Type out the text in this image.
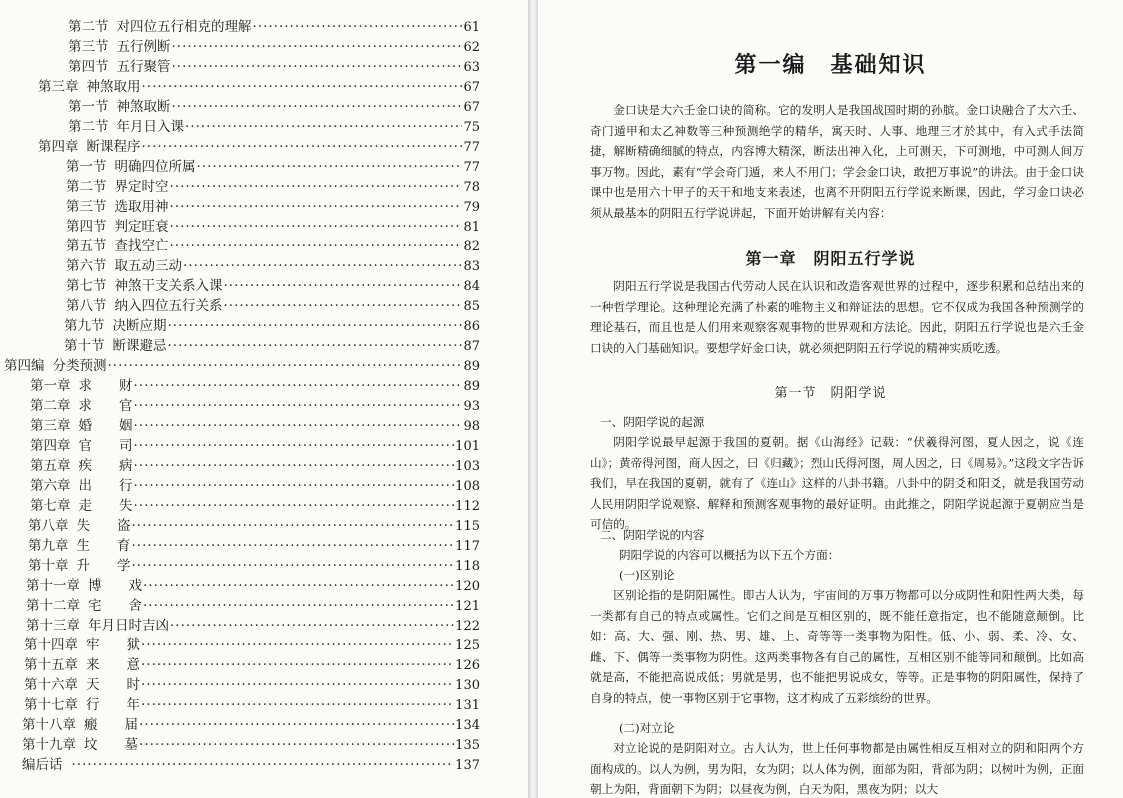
第二节 对四位五行相克的理解 ·····	61
第三节 五行例断 ·····	62
第四节 五行聚管 ·····	63
第三章 神煞取用 ·····	67
第一节 神煞取断 ·····	67
第二节 年月日入课 ·····	75
第四章 断课程序 ·····	77
第一节 明确四位所属 ·····	77
第二节 界定时空 ·····	78
第三节 选取用神 ·····	79
第四节 判定旺衰 ·····	81
第五节 查找空亡 ·····	82
第六节 取五动三动 ·····	83
第七节 神煞干支关系入课 ·····	84
第八节 纳入四位五行关系 ·····	85
第九节 决断应期 ·····	86
第十节 断课避忌 ·····	87
第四编 分类预测 ·····	89
第一章 求　　财 ·····	89
第二章 求　　官 ·····	93
第三章 婚　　姻 ·····	98
第四章 官　　司 ·····	101
第五章 疾　　病 ·····	103
第六章 出　　行 ·····	108
第七章 走　　失 ·····	112
第八章 失　　盗 ·····	115
第九章 生　　育 ·····	117
第十章 升　　学 ·····	118
第十一章 博　　戏 ·····	120
第十二章 宅　　舍 ·····	121
第十三章 年月日时吉凶 ·····	122
第十四章 牢　　狱 ·····	125
第十五章 来　　意 ·····	126
第十六章 天　　时 ·····	130
第十七章 行　　年 ·····	131
第十八章 瘢　　届 ·····	134
第十九章 坟　　墓 ·····	135
编后话 ·····	137
第一编　基础知识

金口诀是大六壬金口诀的简称。它的发明人是我国战国时期的孙膑。金口诀融合了大六壬、奇门遁甲和太乙神数等三种预测绝学的精华，寓天时、人事、地理三才於其中，有入式手法简捷，解断精确细腻的特点，内容博大精深，断法出神入化，上可测天，下可测地，中可测人间万事万物。因此，素有“学会奇门遁，来人不用门；学会金口诀，敢把万事说”的讲法。由于金口诀课中也是用六十甲子的天干和地支来表述，也离不开阴阳五行学说来断课，因此，学习金口诀必须从最基本的阴阳五行学说讲起，下面开始讲解有关内容：

第一章　阴阳五行学说

阴阳五行学说是我国古代劳动人民在认识和改造客观世界的过程中，逐步积累和总结出来的一种哲学理论。这种理论充满了朴素的唯物主义和辩证法的思想。它不仅成为我国各种预测学的理论基石，而且也是人们用来观察客观事物的世界观和方法论。因此，阴阳五行学说也是六壬金口诀的入门基础知识。要想学好金口诀，就必须把阴阳五行学说的精神实质吃透。

第一节　阴阳学说

一、阴阳学说的起源

阴阳学说最早起源于我国的夏朝。据《山海经》记载：“伏羲得河图，夏人因之，说《连山》；黄帝得河图，商人因之，曰《归藏》；烈山氏得河图，周人因之，曰《周易》。”这段文字告诉我们，早在我国的夏朝，就有了《连山》这样的八卦书籍。八卦中的阴爻和阳爻，就是我国劳动人民用阴阳学说观察、解释和预测客观事物的最好证明。由此推之，阴阳学说起源于夏朝应当是可信的。

二、阴阳学说的内容

阴阳学说的内容可以概括为以下五个方面：

(一)区别论

区别论指的是阴阳属性。即古人认为，宇宙间的万事万物都可以分成阴性和阳性两大类，每一类都有自己的特点或属性。它们之间是互相区别的，既不能任意指定，也不能随意颠倒。比如：高、大、强、刚、热、男、雄、上、奇等等一类事物为阳性。低、小、弱、柔、冷、女、雌、下、偶等一类事物为阴性。这两类事物各有自己的属性，互相区别不能等同和颠倒。比如高就是高，不能把高说成低；男就是男，也不能把男说成女，等等。正是事物的阴阳属性，保持了自身的特点，使一事物区别于它事物，这才构成了五彩缤纷的世界。

(二)对立论

对立论说的是阴阳对立。古人认为，世上任何事物都是由属性相反互相对立的阴和阳两个方面构成的。以人为例，男为阳，女为阴；以人体为例，面部为阳，背部为阴；以树叶为例，正面朝上为阳，背面朝下为阴；以昼夜为例，白天为阳，黑夜为阴；以大
